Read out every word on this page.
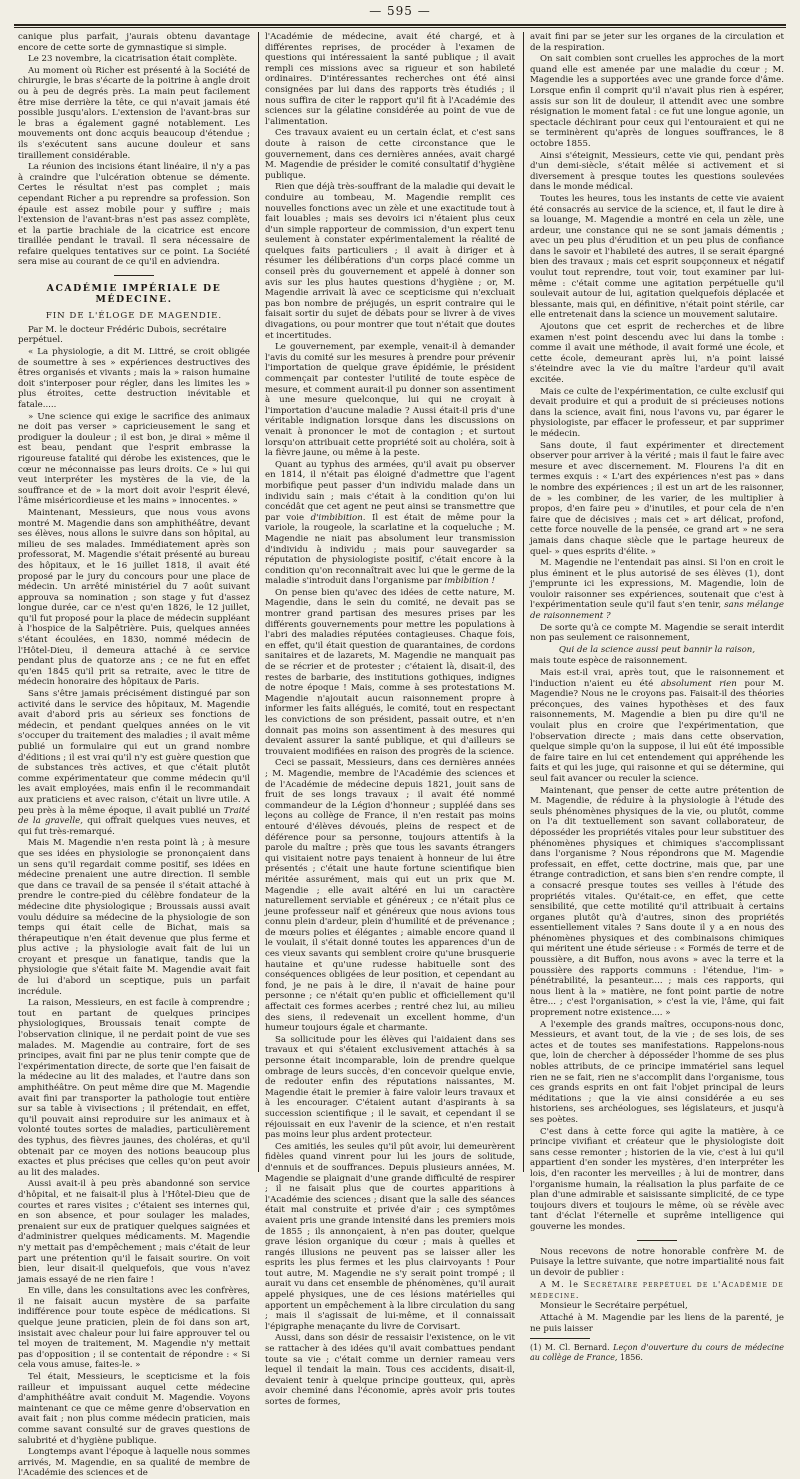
— 595 —

canique plus parfait, j'aurais obtenu davantage encore de cette sorte de gymnastique si simple.

Le 23 novembre, la cicatrisation était complète.

Au moment où Richer est présenté à la Société de chirurgie, le bras s'écarte de la poitrine à angle droit ou à peu de degrés près. La main peut facilement être mise derrière la tête, ce qui n'avait jamais été possible jusqu'alors. L'extension de l'avant-bras sur le bras a également gagné notablement. Les mouvements ont donc acquis beaucoup d'étendue ; ils s'exécutent sans aucune douleur et sans tiraillement considérable.

La réunion des incisions étant linéaire, il n'y a pas à craindre que l'ulcération obtenue se démente. Certes le résultat n'est pas complet ; mais cependant Richer a pu reprendre sa profession. Son épaule est assez mobile pour y suffire ; mais l'extension de l'avant-bras n'est pas assez complète, et la partie brachiale de la cicatrice est encore tiraillée pendant le travail. Il sera nécessaire de refaire quelques tentatives sur ce point. La Société sera mise au courant de ce qu'il en adviendra.

ACADÉMIE IMPÉRIALE DE MÉDECINE.
FIN DE L'ÉLOGE DE MAGENDIE.

Par M. le docteur Frédéric Dubois, secrétaire perpétuel.

« La physiologie, a dit M. Littré, se croit obligée de soumettre à ses » expériences destructives des êtres organisés et vivants ; mais la » raison humaine doit s'interposer pour régler, dans les limites les » plus étroites, cette destruction inévitable et fatale.....

» Une science qui exige le sacrifice des animaux ne doit pas verser » capricieusement le sang et prodiguer la douleur ; il est bon, je dirai » même il est beau, pendant que l'esprit embrasse la rigoureuse fatalité qui dérobe les existences, que le cœur ne méconnaisse pas leurs droits. Ce » lui qui veut interpréter les mystères de la vie, de la souffrance et de » la mort doit avoir l'esprit élevé, l'âme miséricordieuse et les mains » innocentes. »

Maintenant, Messieurs, que nous vous avons montré M. Magendie dans son amphithéâtre, devant ses élèves, nous allons le suivre dans son hôpital, au milieu de ses malades. Immédiatement après son professorat, M. Magendie s'était présenté au bureau des hôpitaux, et le 16 juillet 1818, il avait été proposé par le jury du concours pour une place de médecin. Un arrêté ministériel du 7 août suivant approuva sa nomination ; son stage y fut d'assez longue durée, car ce n'est qu'en 1826, le 12 juillet, qu'il fut proposé pour la place de médecin suppléant à l'hospice de la Salpêtrière. Puis, quelques années s'étant écoulées, en 1830, nommé médecin de l'Hôtel-Dieu, il demeura attaché à ce service pendant plus de quatorze ans ; ce ne fut en effet qu'en 1845 qu'il prit sa retraite, avec le titre de médecin honoraire des hôpitaux de Paris.

Sans s'être jamais précisément distingué par son activité dans le service des hôpitaux, M. Magendie avait d'abord pris au sérieux ses fonctions de médecin, et pendant quelques années on le vit s'occuper du traitement des maladies ; il avait même publié un formulaire qui eut un grand nombre d'éditions ; il est vrai qu'il n'y est guère question que de substances très actives, et que c'était plutôt comme expérimentateur que comme médecin qu'il les avait employées, mais enfin il le recommandait aux praticiens et avec raison, c'était un livre utile. A peu près à la même époque, il avait publié un Traité de la gravelle, qui offrait quelques vues neuves, et qui fut très-remarqué.

Mais M. Magendie n'en resta point là ; à mesure que ses idées en physiologie se prononçaient dans un sens qu'il regardait comme positif, ses idées en médecine prenaient une autre direction. Il semble que dans ce travail de sa pensée il s'était attaché à prendre le contre-pied du célèbre fondateur de la médecine dite physiologique ; Broussais aussi avait voulu déduire sa médecine de la physiologie de son temps qui était celle de Bichat, mais sa thérapeutique n'en était devenue que plus ferme et plus active ; la physiologie avait fait de lui un croyant et presque un fanatique, tandis que la physiologie que s'était faite M. Magendie avait fait de lui d'abord un sceptique, puis un parfait incrédule.

La raison, Messieurs, en est facile à comprendre ; tout en partant de quelques principes physiologiques, Broussais tenait compte de l'observation clinique, il ne perdait point de vue ses malades. M. Magendie au contraire, fort de ses principes, avait fini par ne plus tenir compte que de l'expérimentation directe, de sorte que l'en faisait de la médecine au lit des malades, et l'autre dans son amphithéâtre. On peut même dire que M. Magendie avait fini par transporter la pathologie tout entière sur sa table à vivisections ; il prétendait, en effet, qu'il pouvait ainsi reproduire sur les animaux et à volonté toutes sortes de maladies, particulièrement des typhus, des fièvres jaunes, des choléras, et qu'il obtenait par ce moyen des notions beaucoup plus exactes et plus précises que celles qu'on peut avoir au lit des malades.

Aussi avait-il à peu près abandonné son service d'hôpital, et ne faisait-il plus à l'Hôtel-Dieu que de courtes et rares visites ; c'étaient ses internes qui, en son absence, et pour soulager les malades, prenaient sur eux de pratiquer quelques saignées et d'administrer quelques médicaments. M. Magendie n'y mettait pas d'empêchement ; mais c'était de leur part une prétention qu'il le faisait sourire. On voit bien, leur disait-il quelquefois, que vous n'avez jamais essayé de ne rien faire !

En ville, dans les consultations avec les confrères, il ne faisait aucun mystère de sa parfaite indifférence pour toute espèce de médications. Si quelque jeune praticien, plein de foi dans son art, insistait avec chaleur pour lui faire approuver tel ou tel moyen de traitement, M. Magendie n'y mettait pas d'opposition ; il se contentait de répondre : « Si cela vous amuse, faites-le. »

Tel était, Messieurs, le scepticisme et la fois railleur et impuissant auquel cette médecine d'amphithéâtre avait conduit M. Magendie. Voyons maintenant ce que ce même genre d'observation en avait fait ; non plus comme médecin praticien, mais comme savant consulté sur de graves questions de salubrité et d'hygiène publique.

Longtemps avant l'époque à laquelle nous sommes arrivés, M. Magendie, en sa qualité de membre de l'Académie des sciences et de

l'Académie de médecine, avait été chargé, et à différentes reprises, de procéder à l'examen de questions qui intéressaient la santé publique ; il avait rempli ces missions avec sa rigueur et son habileté ordinaires. D'intéressantes recherches ont été ainsi consignées par lui dans des rapports très étudiés ; il nous suffira de citer le rapport qu'il fit à l'Académie des sciences sur la gélatine considérée au point de vue de l'alimentation.

Ces travaux avaient eu un certain éclat, et c'est sans doute à raison de cette circonstance que le gouvernement, dans ces dernières années, avait chargé M. Magendie de présider le comité consultatif d'hygiène publique.

Rien que déjà très-souffrant de la maladie qui devait le conduire au tombeau, M. Magendie remplit ces nouvelles fonctions avec un zèle et une exactitude tout à fait louables ; mais ses devoirs ici n'étaient plus ceux d'un simple rapporteur de commission, d'un expert tenu seulement à constater expérimentalement la réalité de quelques faits particuliers ; il avait à diriger et à résumer les délibérations d'un corps placé comme un conseil près du gouvernement et appelé à donner son avis sur les plus hautes questions d'hygiène ; or, M. Magendie arrivait là avec ce scepticisme qui n'excluait pas bon nombre de préjugés, un esprit contraire qui le faisait sortir du sujet de débats pour se livrer à de vives divagations, ou pour montrer que tout n'était que doutes et incertitudes.

Le gouvernement, par exemple, venait-il à demander l'avis du comité sur les mesures à prendre pour prévenir l'importation de quelque grave épidémie, le président commençait par contester l'utilité de toute espèce de mesure, et comment aurait-il pu donner son assentiment à une mesure quelconque, lui qui ne croyait à l'importation d'aucune maladie ? Aussi était-il pris d'une véritable indignation lorsque dans les discussions on venait à prononcer le mot de contagion ; et surtout lorsqu'on attribuait cette propriété soit au choléra, soit à la fièvre jaune, ou même à la peste.

Quant au typhus des armées, qu'il avait pu observer en 1814, il n'était pas éloigné d'admettre que l'agent morbifique peut passer d'un individu malade dans un individu sain ; mais c'était à la condition qu'on lui concédât que cet agent ne peut ainsi se transmettre que par voie d'imbibition. Il est était de même pour la variole, la rougeole, la scarlatine et la coqueluche ; M. Magendie ne niait pas absolument leur transmission d'individu à individu ; mais pour sauvegarder sa réputation de physiologiste positif, c'était encore à la condition qu'on reconnaîtrait avec lui que le germe de la maladie s'introduit dans l'organisme par imbibition !

On pense bien qu'avec des idées de cette nature, M. Magendie, dans le sein du comité, ne devait pas se montrer grand partisan des mesures prises par les différents gouvernements pour mettre les populations à l'abri des maladies réputées contagieuses. Chaque fois, en effet, qu'il était question de quarantaines, de cordons sanitaires et de lazarets, M. Magendie ne manquait pas de se récrier et de protester ; c'étaient là, disait-il, des restes de barbarie, des institutions gothiques, indignes de notre époque ! Mais, comme à ses protestations M. Magendie n'ajoutait aucun raisonnement propre à informer les faits allégués, le comité, tout en respectant les convictions de son président, passait outre, et n'en donnait pas moins son assentiment à des mesures qui devaient assurer la santé publique, et qui d'ailleurs se trouvaient modifiées en raison des progrès de la science.

Ceci se passait, Messieurs, dans ces dernières années ; M. Magendie, membre de l'Académie des sciences et de l'Académie de médecine depuis 1821, jouit sans de fruit de ses longs travaux ; il avait été nommé commandeur de la Légion d'honneur ; suppléé dans ses leçons au collège de France, il n'en restait pas moins entouré d'élèves dévoués, pleins de respect et de déférence pour sa personne, toujours attentifs à la parole du maître ; près que tous les savants étrangers qui visitaient notre pays tenaient à honneur de lui être présentés ; c'était une haute fortune scientifique bien méritée assurément, mais qui eut un prix que M. Magendie ; elle avait altéré en lui un caractère naturellement serviable et généreux ; ce n'était plus ce jeune professeur naïf et généreux que nous avions tous connu plein d'ardeur, plein d'humilité et de prévenance ; de mœurs polies et élégantes ; aimable encore quand il le voulait, il s'était donné toutes les apparences d'un de ces vieux savants qui semblent croire qu'une brusquerie hautaine et qu'une rudesse habituelle sont des conséquences obligées de leur position, et cependant au fond, je ne pais à le dire, il n'avait de haine pour personne ; ce n'était qu'en public et officiellement qu'il affectait ces formes acerbes ; rentré chez lui, au milieu des siens, il redevenait un excellent homme, d'un humeur toujours égale et charmante.

Sa sollicitude pour les élèves qui l'aidaient dans ses travaux et qui s'étaient exclusivement attachés à sa personne était incomparable, loin de prendre quelque ombrage de leurs succès, d'en concevoir quelque envie, de redouter enfin des réputations naissantes, M. Magendie était le premier à faire valoir leurs travaux et à les encourager. C'étaient autant d'aspirants à sa succession scientifique ; il le savait, et cependant il se réjouissait en eux l'avenir de la science, et n'en restait pas moins leur plus ardent protecteur.

Ces amitiés, les seules qu'il pût avoir, lui demeurèrent fidèles quand vinrent pour lui les jours de solitude, d'ennuis et de souffrances. Depuis plusieurs années, M. Magendie se plaignait d'une grande difficulté de respirer ; il ne faisait plus que de courtes apparitions à l'Académie des sciences ; disant que la salle des séances était mal construite et privée d'air ; ces symptômes avaient pris une grande intensité dans les premiers mois de 1855 ; ils annonçaient, à n'en pas douter, quelque grave lésion organique du cœur ; mais à quelles et rangés illusions ne peuvent pas se laisser aller les esprits les plus fermes et les plus clairvoyants ! Pour tout autre, M. Magendie ne s'y serait point trompé ; il aurait vu dans cet ensemble de phénomènes, qu'il aurait appelé physiques, une de ces lésions matérielles qui apportent un empêchement à la libre circulation du sang ; mais il s'agissait de lui-même, et il connaissait l'épigraphe menaçante du livre de Corvisart.

Aussi, dans son désir de ressaisir l'existence, on le vit se rattacher à des idées qu'il avait combattues pendant toute sa vie ; c'était comme un dernier rameau vers lequel il tendait la main. Tous ces accidents, disait-il, devaient tenir à quelque principe goutteux, qui, après avoir cheminé dans l'économie, après avoir pris toutes sortes de formes,

avait fini par se jeter sur les organes de la circulation et de la respiration.

On sait combien sont cruelles les approches de la mort quand elle est amenée par une maladie du cœur ; M. Magendie les a supportées avec une grande force d'âme. Lorsque enfin il comprit qu'il n'avait plus rien à espérer, assis sur son lit de douleur, il attendit avec une sombre résignation le moment fatal : ce fut une longue agonie, un spectacle déchirant pour ceux qui l'entouraient et qui ne se terminèrent qu'après de longues souffrances, le 8 octobre 1855.

Ainsi s'éteignit, Messieurs, cette vie qui, pendant près d'un demi-siècle, s'était mêlée si activement et si diversement à presque toutes les questions soulevées dans le monde médical.

Toutes les heures, tous les instants de cette vie avaient été consacrés au service de la science, et, il faut le dire à sa louange, M. Magendie a montré en cela un zèle, une ardeur, une constance qui ne se sont jamais démentis ; avec un peu plus d'érudition et un peu plus de confiance dans le savoir et l'habileté des autres, il se serait épargné bien des travaux ; mais cet esprit soupçonneux et négatif voulut tout reprendre, tout voir, tout examiner par lui-même : c'était comme une agitation perpétuelle qu'il soulevait autour de lui, agitation quelquefois déplacée et blessante, mais qui, en définitive, n'était point stérile, car elle entretenait dans la science un mouvement salutaire.

Ajoutons que cet esprit de recherches et de libre examen n'est point descendu avec lui dans la tombe : comme il avait une méthode, il avait formé une école, et cette école, demeurant après lui, n'a point laissé s'éteindre avec la vie du maître l'ardeur qu'il avait excitée.

Mais ce culte de l'expérimentation, ce culte exclusif qui devait produire et qui a produit de si précieuses notions dans la science, avait fini, nous l'avons vu, par égarer le physiologiste, par effacer le professeur, et par supprimer le médecin.

Sans doute, il faut expérimenter et directement observer pour arriver à la vérité ; mais il faut le faire avec mesure et avec discernement. M. Flourens l'a dit en termes exquis : « L'art des expériences n'est pas » dans le nombre des expériences ; il est un art de les raisonner, de » les combiner, de les varier, de les multiplier à propos, d'en faire peu » d'inutiles, et pour cela de n'en faire que de décisives ; mais cet » art délicat, profond, cette force nouvelle de la pensée, ce grand art » ne sera jamais dans chaque siècle que le partage heureux de quel- » ques esprits d'élite. »

M. Magendie ne l'entendait pas ainsi. Si l'on en croit le plus éminent et le plus autorisé de ses élèves (1), dont j'emprunte ici les expressions, M. Magendie, loin de vouloir raisonner ses expériences, soutenait que c'est à l'expérimentation seule qu'il faut s'en tenir, sans mélange de raisonnement ?

De sorte qu'à ce compte M. Magendie se serait interdit non pas seulement ce raisonnement,

Qui de la science aussi peut bannir la raison,

mais toute espèce de raisonnement.

Mais est-il vrai, après tout, que le raisonnement et l'induction n'aient eu été absolument rien pour M. Magendie? Nous ne le croyons pas. Faisait-il des théories préconçues, des vaines hypothèses et des faux raisonnements, M. Magendie a bien pu dire qu'il ne voulait plus en croire que l'expérimentation, que l'observation directe ; mais dans cette observation, quelque simple qu'on la suppose, il lui eût été impossible de faire taire en lui cet entendement qui appréhende les faits et qui les juge, qui raisonne et qui se détermine, qui seul fait avancer ou reculer la science.

Maintenant, que penser de cette autre prétention de M. Magendie, de réduire à la physiologie à l'étude des seuls phénomènes physiques de la vie, ou plutôt, comme on l'a dit textuellement son savant collaborateur, de déposséder les propriétés vitales pour leur substituer des phénomènes physiques et chimiques s'accomplissant dans l'organisme ? Nous répondrons que M. Magendie professait, en effet, cette doctrine, mais que, par une étrange contradiction, et sans bien s'en rendre compte, il a consacré presque toutes ses veilles à l'étude des propriétés vitales. Qu'était-ce, en effet, que cette sensibilité, que cette motilité qu'il attribuait à certains organes plutôt qu'à d'autres, sinon des propriétés essentiellement vitales ? Sans doute il y a en nous des phénomènes physiques et des combinaisons chimiques qui méritent une étude sérieuse : « Formés de terre et de poussière, a dit Buffon, nous avons » avec la terre et la poussière des rapports communs : l'étendue, l'im- » pénétrabilité, la pesanteur.... ; mais ces rapports, qui nous lient à la » matière, ne font point partie de notre être... ; c'est l'organisation, » c'est la vie, l'âme, qui fait proprement notre existence.... »

A l'exemple des grands maîtres, occupons-nous donc, Messieurs, et avant tout, de la vie ; de ses lois, de ses actes et de toutes ses manifestations. Rappelons-nous que, loin de chercher à déposséder l'homme de ses plus nobles attributs, de ce principe immatériel sans lequel rien ne se fait, rien ne s'accomplit dans l'organisme, tous ces grands esprits en ont fait l'objet principal de leurs méditations ; que la vie ainsi considérée a eu ses historiens, ses archéologues, ses législateurs, et jusqu'à ses poètes.

C'est dans à cette force qui agite la matière, à ce principe vivifiant et créateur que le physiologiste doit sans cesse remonter ; historien de la vie, c'est à lui qu'il appartient d'en sonder les mystères, d'en interpréter les lois, d'en raconter les merveilles ; à lui de montrer, dans l'organisme humain, la réalisation la plus parfaite de ce plan d'une admirable et saisissante simplicité, de ce type toujours divers et toujours le même, où se révèle avec tant d'éclat l'éternelle et suprême intelligence qui gouverne les mondes.

Nous recevons de notre honorable confrère M. de Puisaye la lettre suivante, que notre impartialité nous fait un devoir de publier :

A M. le Secrétaire perpétuel de l'Académie de médecine.

Monsieur le Secrétaire perpétuel,

Attaché à M. Magendie par les liens de la parenté, je ne puis laisser

(1) M. Cl. Bernard. Leçon d'ouverture du cours de médecine au collège de France, 1856.
